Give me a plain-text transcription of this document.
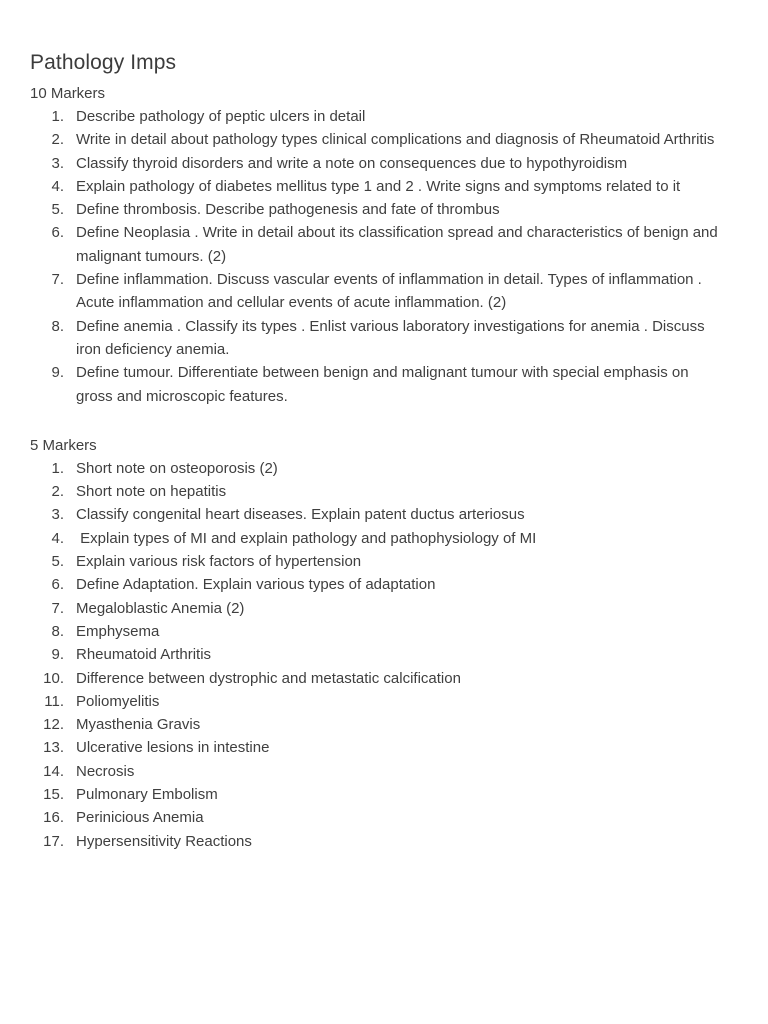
Pathology Imps

10 Markers

1. Describe pathology of peptic ulcers in detail
2. Write in detail about pathology types clinical complications and diagnosis of Rheumatoid Arthritis
3. Classify thyroid disorders and write a note on consequences due to hypothyroidism
4. Explain pathology of diabetes mellitus type 1 and 2 . Write signs and symptoms related to it
5. Define thrombosis. Describe pathogenesis and fate of thrombus
6. Define Neoplasia . Write in detail about its classification spread and characteristics of benign and malignant tumours. (2)
7. Define inflammation. Discuss vascular events of inflammation in detail. Types of inflammation . Acute inflammation and cellular events of acute inflammation. (2)
8. Define anemia . Classify its types . Enlist various laboratory investigations for anemia . Discuss iron deficiency anemia.
9. Define tumour. Differentiate between benign and malignant tumour with special emphasis on gross and microscopic features.

5 Markers

1. Short note on osteoporosis (2)
2. Short note on hepatitis
3. Classify congenital heart diseases. Explain patent ductus arteriosus
4. Explain types of MI and explain pathology and pathophysiology of MI
5. Explain various risk factors of hypertension
6. Define Adaptation. Explain various types of adaptation
7. Megaloblastic Anemia (2)
8. Emphysema
9. Rheumatoid Arthritis
10. Difference between dystrophic and metastatic calcification
11. Poliomyelitis
12. Myasthenia Gravis
13. Ulcerative lesions in intestine
14. Necrosis
15. Pulmonary Embolism
16. Perinicious Anemia
17. Hypersensitivity Reactions
